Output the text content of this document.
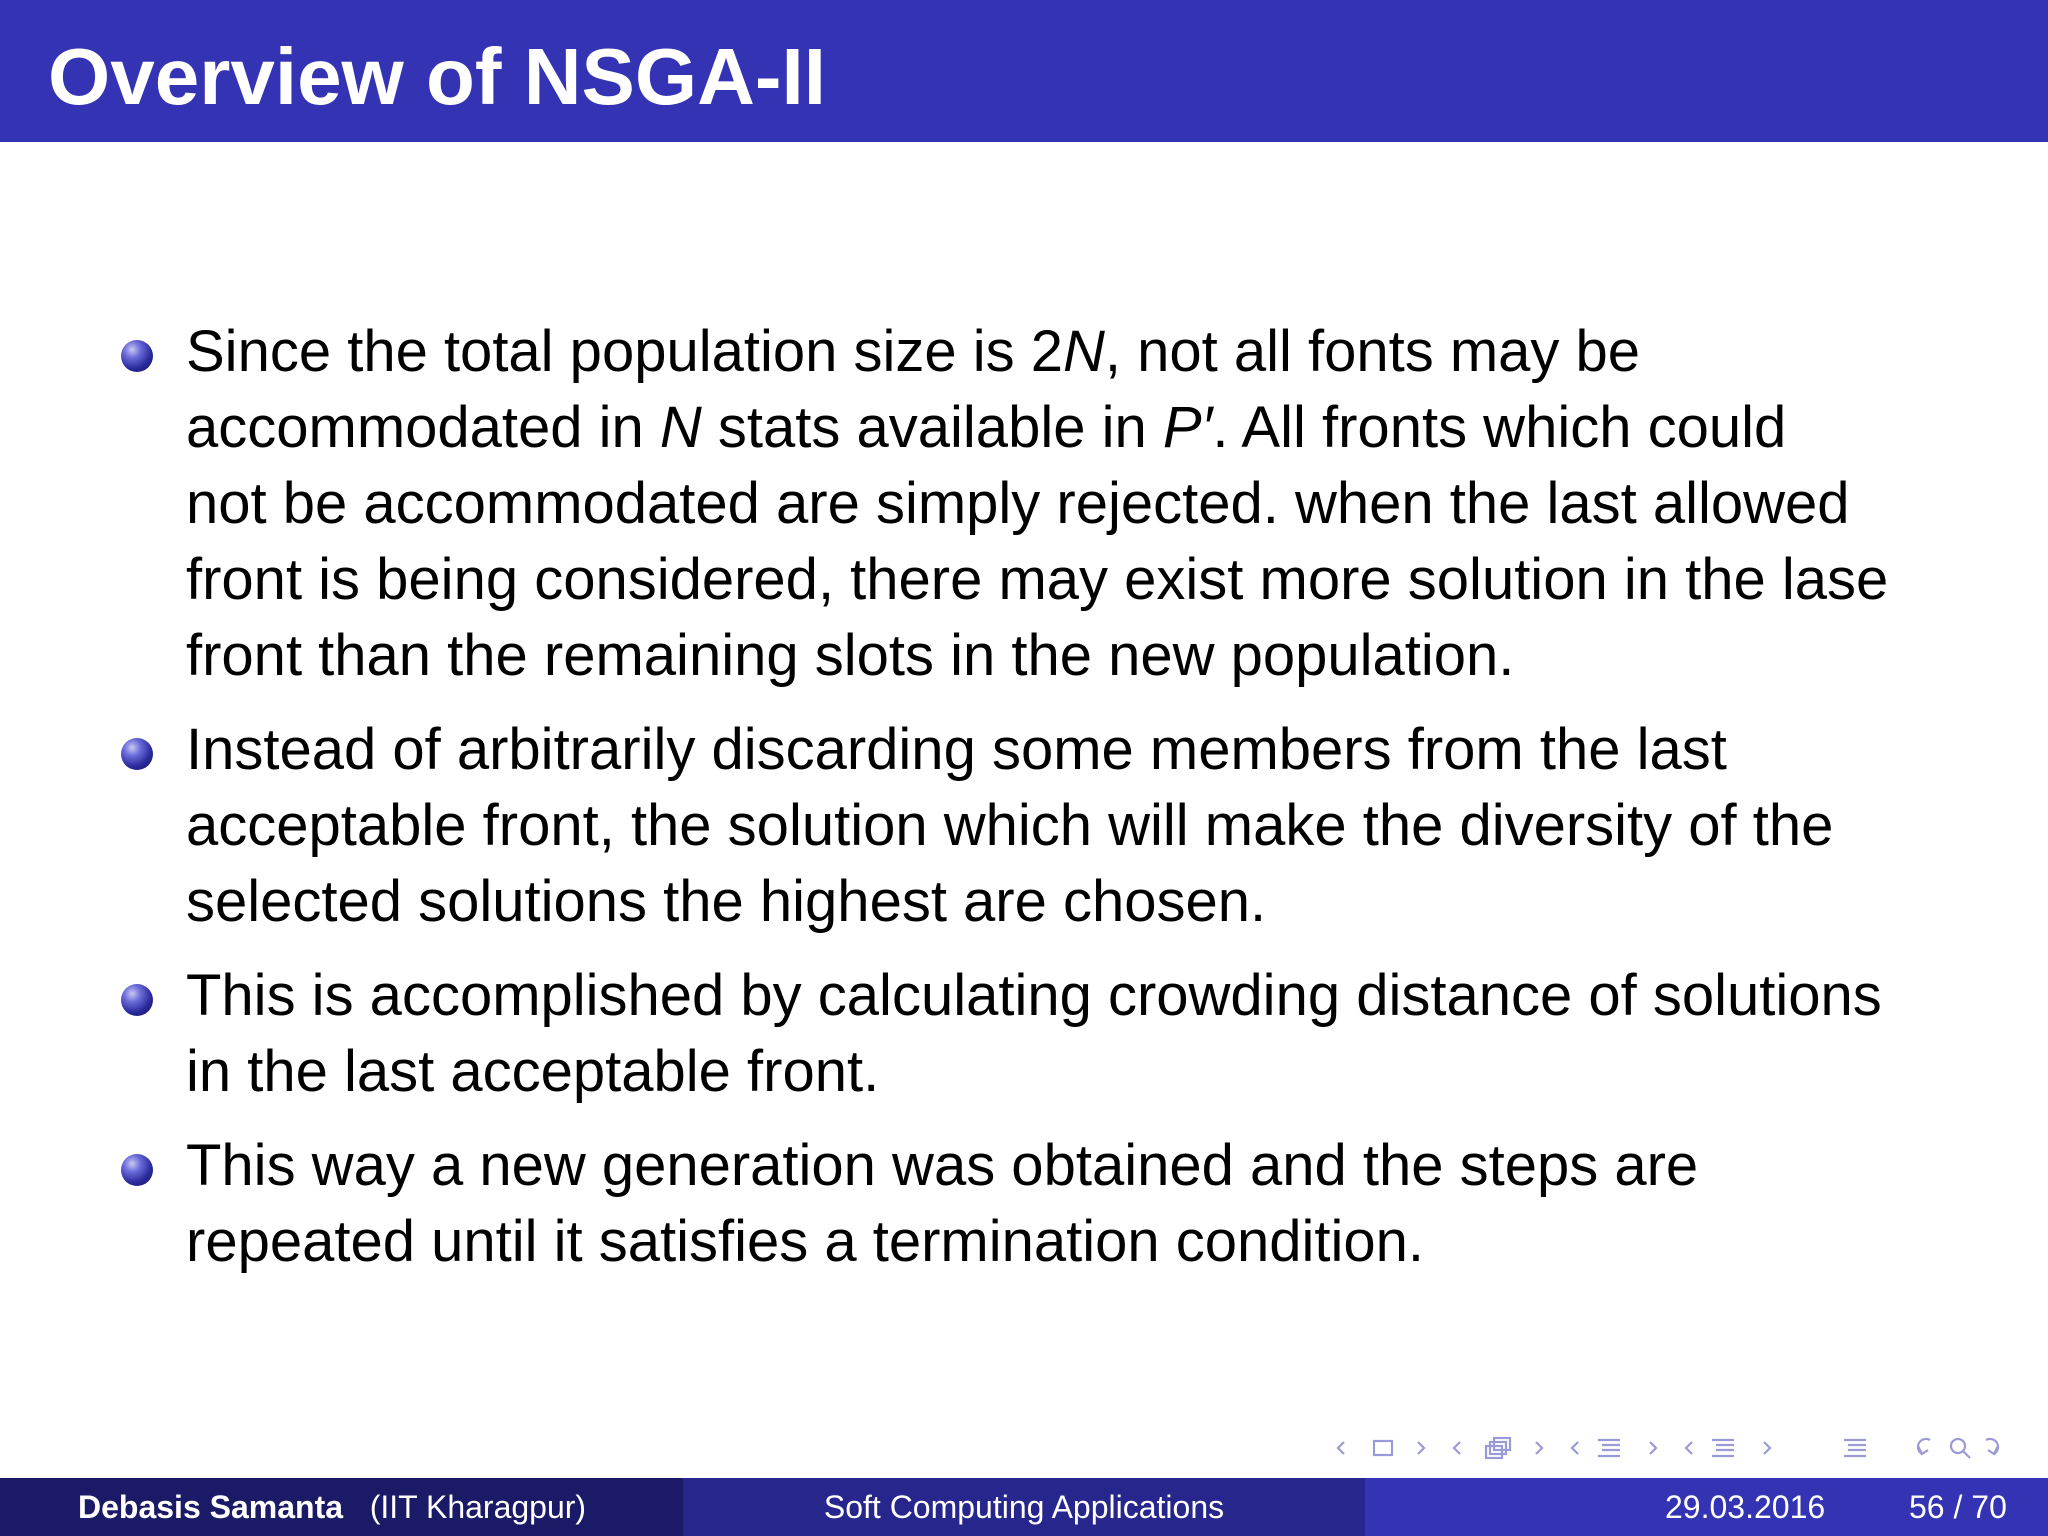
Overview of NSGA-II
Since the total population size is 2N, not all fonts may be
accommodated in N stats available in P′. All fronts which could
not be accommodated are simply rejected. when the last allowed
front is being considered, there may exist more solution in the lase
front than the remaining slots in the new population.
Instead of arbitrarily discarding some members from the last
acceptable front, the solution which will make the diversity of the
selected solutions the highest are chosen.
This is accomplished by calculating crowding distance of solutions
in the last acceptable front.
This way a new generation was obtained and the steps are
repeated until it satisfies a termination condition.
Debasis Samanta (IIT Kharagpur)	Soft Computing Applications	29.03.2016	56 / 70
